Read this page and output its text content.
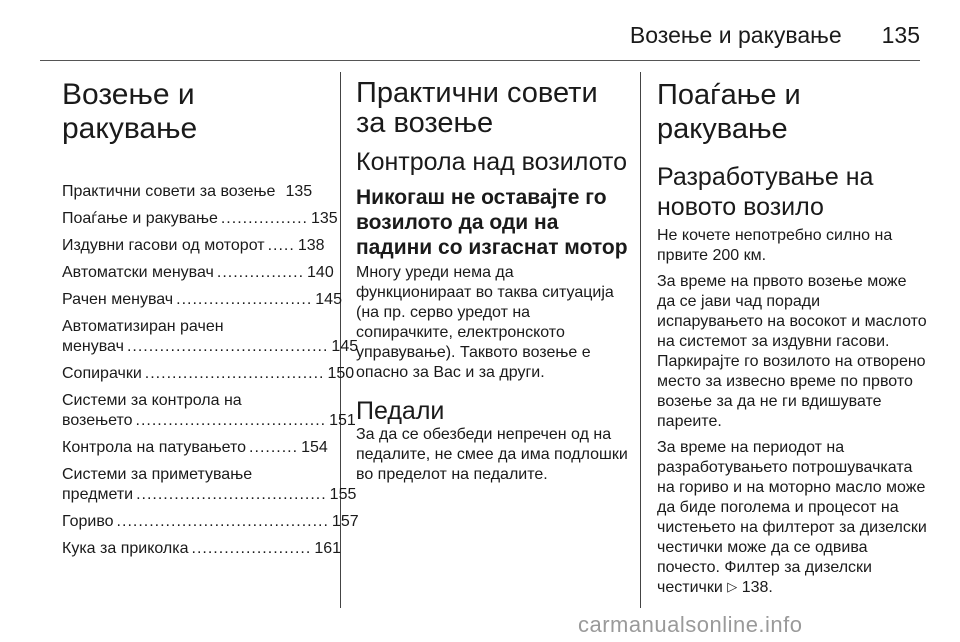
Возење и ракување 135
Возење и ракување
Практични совети за возење 135
Поаѓање и ракување ................ 135
Издувни гасови од моторот ..... 138
Автоматски менувач ................ 140
Рачен менувач ......................... 145
Автоматизиран рачен
менувач ..................................... 145
Сопирачки ................................. 150
Системи за контрола на
возењето ................................... 151
Контрола на патувањето ......... 154
Системи за приметување
предмети ................................... 155
Гориво ....................................... 157
Кука за приколка ...................... 161
Практични совети за возење
Контрола над возилото
Никогаш не оставајте го возилото да оди на падини со изгаснат мотор

Многу уреди нема да функционираат во таква ситуација (на пр. серво уредот на сопирачките, електронското управување). Таквото возење е опасно за Вас и за други.

Педали

За да се обезбеди непречен од на педалите, не смее да има подлошки во пределот на педалите.

Поаѓање и ракување
Разработување на новото возило

Не кочете непотребно силно на првите 200 км.

За време на првото возење може да се јави чад поради испарувањето на восокот и маслото на системот за издувни гасови. Паркирајте го возилото на отворено место за извесно време по првото возење за да не ги вдишувате пареите.

За време на периодот на разработувањето потрошувачката на гориво и на моторно масло може да биде поголема и процесот на чистењето на филтерот за дизелски честички може да се одвива почесто. Филтер за дизелски честички ▷ 138.

carmanualsonline.info
